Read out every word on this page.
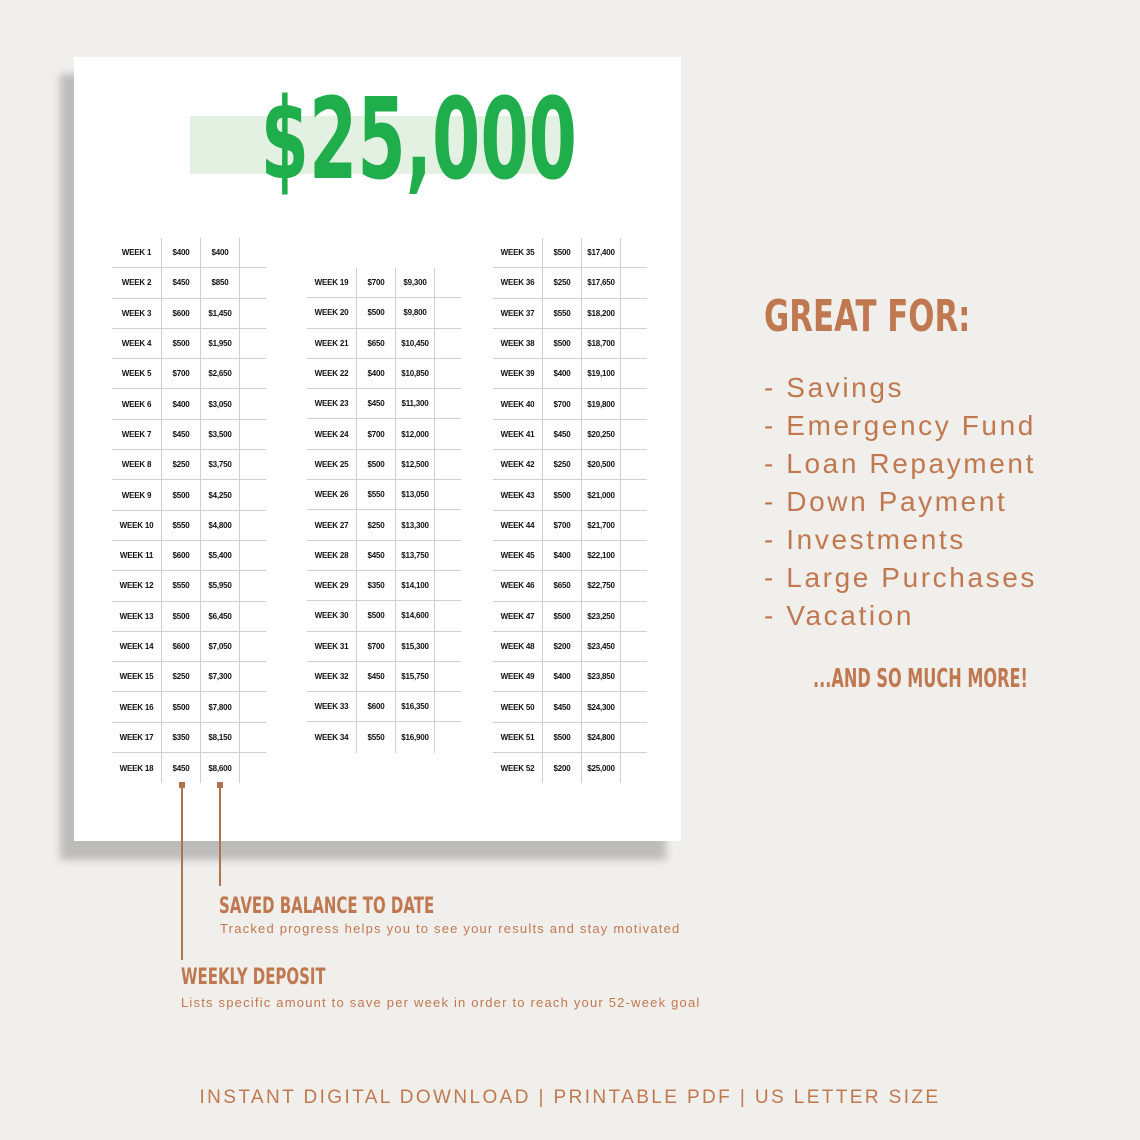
$25,000
WEEK 1	$400	$400
WEEK 2	$450	$850
WEEK 3	$600	$1,450
WEEK 4	$500	$1,950
WEEK 5	$700	$2,650
WEEK 6	$400	$3,050
WEEK 7	$450	$3,500
WEEK 8	$250	$3,750
WEEK 9	$500	$4,250
WEEK 10	$550	$4,800
WEEK 11	$600	$5,400
WEEK 12	$550	$5,950
WEEK 13	$500	$6,450
WEEK 14	$600	$7,050
WEEK 15	$250	$7,300
WEEK 16	$500	$7,800
WEEK 17	$350	$8,150
WEEK 18	$450	$8,600
WEEK 19	$700	$9,300
WEEK 20	$500	$9,800
WEEK 21	$650	$10,450
WEEK 22	$400	$10,850
WEEK 23	$450	$11,300
WEEK 24	$700	$12,000
WEEK 25	$500	$12,500
WEEK 26	$550	$13,050
WEEK 27	$250	$13,300
WEEK 28	$450	$13,750
WEEK 29	$350	$14,100
WEEK 30	$500	$14,600
WEEK 31	$700	$15,300
WEEK 32	$450	$15,750
WEEK 33	$600	$16,350
WEEK 34	$550	$16,900
WEEK 35	$500	$17,400
WEEK 36	$250	$17,650
WEEK 37	$550	$18,200
WEEK 38	$500	$18,700
WEEK 39	$400	$19,100
WEEK 40	$700	$19,800
WEEK 41	$450	$20,250
WEEK 42	$250	$20,500
WEEK 43	$500	$21,000
WEEK 44	$700	$21,700
WEEK 45	$400	$22,100
WEEK 46	$650	$22,750
WEEK 47	$500	$23,250
WEEK 48	$200	$23,450
WEEK 49	$400	$23,850
WEEK 50	$450	$24,300
WEEK 51	$500	$24,800
WEEK 52	$200	$25,000
GREAT FOR:
- Savings
- Emergency Fund
- Loan Repayment
- Down Payment
- Investments
- Large Purchases
- Vacation
...AND SO MUCH MORE!
SAVED BALANCE TO DATE
Tracked progress helps you to see your results and stay motivated
WEEKLY DEPOSIT
Lists specific amount to save per week in order to reach your 52-week goal
INSTANT DIGITAL DOWNLOAD | PRINTABLE PDF | US LETTER SIZE
